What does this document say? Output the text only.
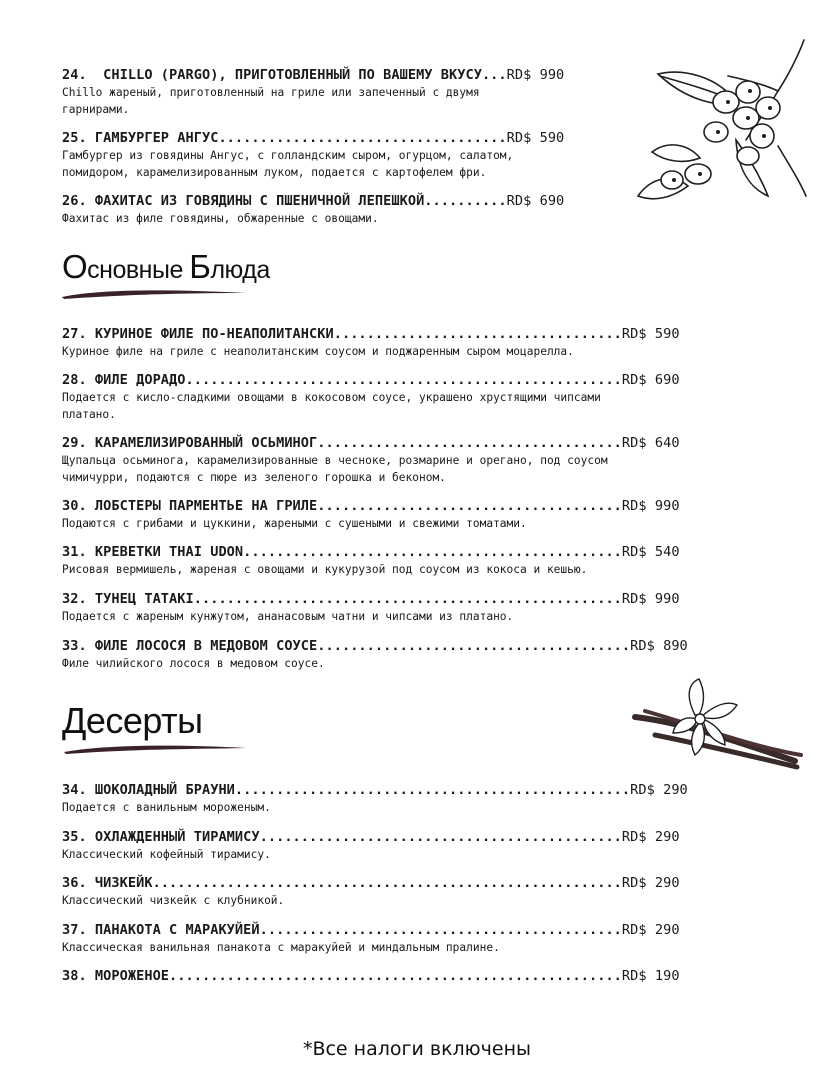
24.  CHILLO (PARGO), ПРИГОТОВЛЕННЫЙ ПО ВАШЕМУ ВКУСУ...RD$ 990
Chillo жареный, приготовленный на гриле или запеченный с двумя
гарнирами.
25. ГАМБУРГЕР АНГУС...................................RD$ 590
Гамбургер из говядины Ангус, с голландским сыром, огурцом, салатом,
помидором, карамелизированным луком, подается с картофелем фри.
26. ФАХИТАС ИЗ ГОВЯДИНЫ С ПШЕНИЧНОЙ ЛЕПЕШКОЙ..........RD$ 690
Фахитас из филе говядины, обжаренные с овощами.
Основные Блюда
27. КУРИНОЕ ФИЛЕ ПО-НЕАПОЛИТАНСКИ...................................RD$ 590
Куриное филе на гриле с неаполитанским соусом и поджаренным сыром моцарелла.
28. ФИЛЕ ДОРАДО.....................................................RD$ 690
Подается с кисло-сладкими овощами в кокосовом соусе, украшено хрустящими чипсами
платано.
29. КАРАМЕЛИЗИРОВАННЫЙ ОСЬМИНОГ.....................................RD$ 640
Щупальца осьминога, карамелизированные в чесноке, розмарине и орегано, под соусом
чимичурри, подаются с пюре из зеленого горошка и беконом.
30. ЛОБСТЕРЫ ПАРМЕНТЬЕ НА ГРИЛЕ.....................................RD$ 990
Подаются с грибами и цуккини, жареными с сушеными и свежими томатами.
31. КРЕВЕТКИ THAI UDON..............................................RD$ 540
Рисовая вермишель, жареная с овощами и кукурузой под соусом из кокоса и кешью.
32. ТУНЕЦ TATAKI....................................................RD$ 990
Подается с жареным кунжутом, ананасовым чатни и чипсами из платано.
33. ФИЛЕ ЛОСОСЯ В МЕДОВОМ СОУСЕ......................................RD$ 890
Филе чилийского лосося в медовом соусе.
Десерты
34. ШОКОЛАДНЫЙ БРАУНИ................................................RD$ 290
Подается с ванильным мороженым.
35. ОХЛАЖДЕННЫЙ ТИРАМИСУ............................................RD$ 290
Классический кофейный тирамису.
36. ЧИЗКЕЙК.........................................................RD$ 290
Классический чизкейк с клубникой.
37. ПАНАКОТА С МАРАКУЙЕЙ............................................RD$ 290
Классическая ванильная панакота с маракуйей и миндальным пралине.
38. МОРОЖЕНОЕ.......................................................RD$ 190
*Все налоги включены
